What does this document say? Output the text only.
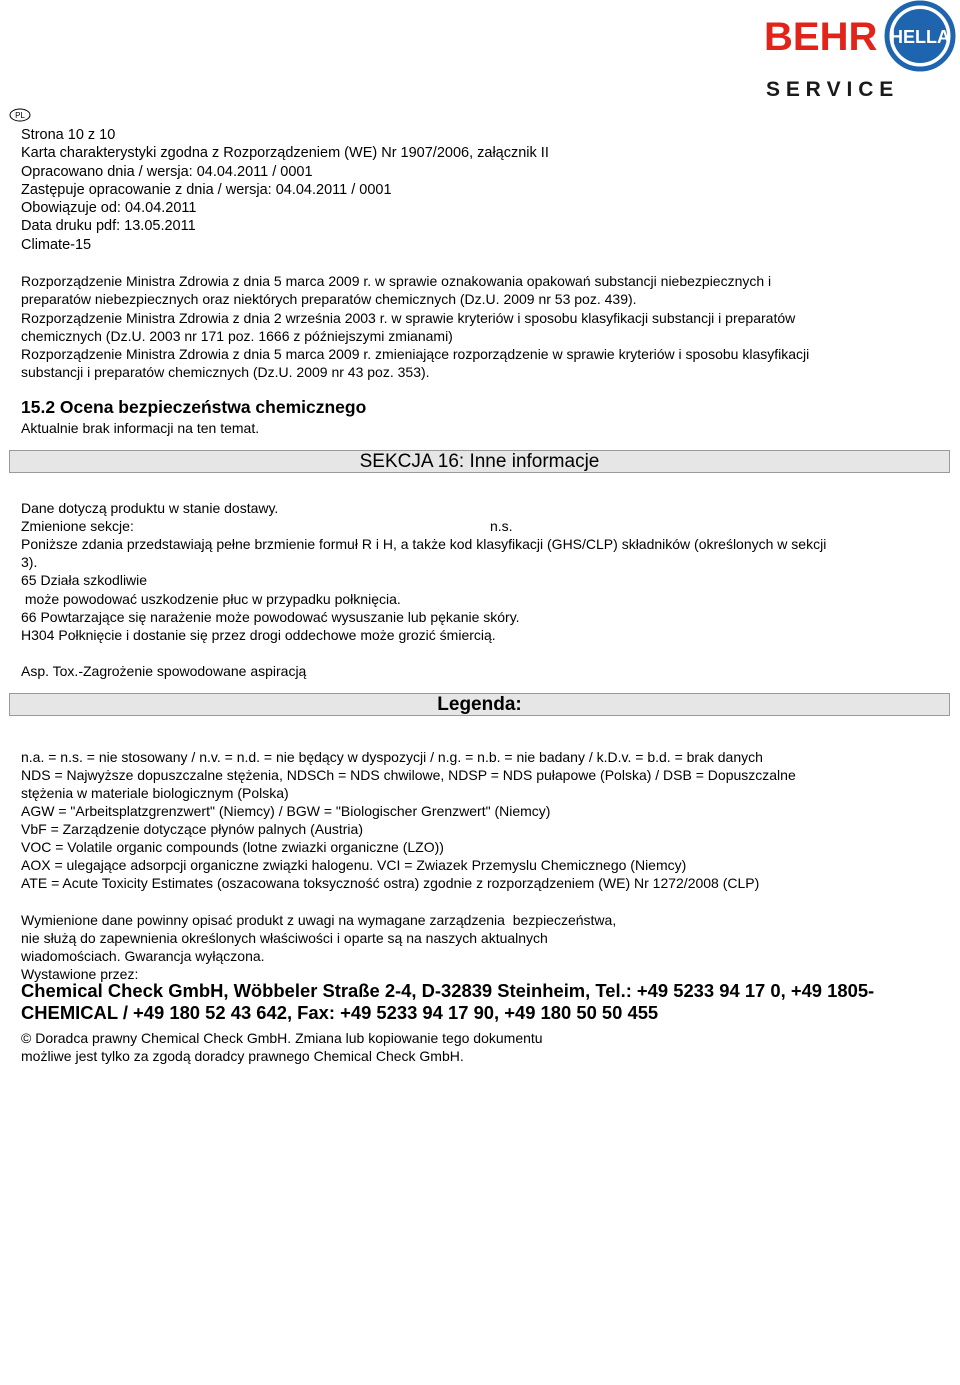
BEHR HELLA
S E R V I C E
PL
Strona 10 z 10
Karta charakterystyki zgodna z Rozporządzeniem (WE) Nr 1907/2006, załącznik II
Opracowano dnia / wersja: 04.04.2011 / 0001
Zastępuje opracowanie z dnia / wersja: 04.04.2011 / 0001
Obowiązuje od: 04.04.2011
Data druku pdf: 13.05.2011
Climate-15

Rozporządzenie Ministra Zdrowia z dnia 5 marca 2009 r. w sprawie oznakowania opakowań substancji niebezpiecznych i

preparatów niebezpiecznych oraz niektórych preparatów chemicznych (Dz.U. 2009 nr 53 poz. 439).

Rozporządzenie Ministra Zdrowia z dnia 2 września 2003 r. w sprawie kryteriów i sposobu klasyfikacji substancji i preparatów

chemicznych (Dz.U. 2003 nr 171 poz. 1666 z późniejszymi zmianami)

Rozporządzenie Ministra Zdrowia z dnia 5 marca 2009 r. zmieniające rozporządzenie w sprawie kryteriów i sposobu klasyfikacji

substancji i preparatów chemicznych (Dz.U. 2009 nr 43 poz. 353).

15.2 Ocena bezpieczeństwa chemicznego
Aktualnie brak informacji na ten temat.
SEKCJA 16: Inne informacje
Dane dotyczą produktu w stanie dostawy.
Zmienione sekcje:	n.s.
Poniższe zdania przedstawiają pełne brzmienie formuł R i H, a także kod klasyfikacji (GHS/CLP) składników (określonych w sekcji
3).
65 Działa szkodliwie
może powodować uszkodzenie płuc w przypadku połknięcia.
66 Powtarzające się narażenie może powodować wysuszanie lub pękanie skóry.
H304 Połknięcie i dostanie się przez drogi oddechowe może grozić śmiercią.
Asp. Tox.-Zagrożenie spowodowane aspiracją
Legenda:
n.a. = n.s. = nie stosowany / n.v. = n.d. = nie będący w dyspozycji / n.g. = n.b. = nie badany / k.D.v. = b.d. = brak danych
NDS = Najwyższe dopuszczalne stężenia, NDSCh = NDS chwilowe, NDSP = NDS pułapowe (Polska) / DSB = Dopuszczalne
stężenia w materiale biologicznym (Polska)
AGW = "Arbeitsplatzgrenzwert" (Niemcy) / BGW = "Biologischer Grenzwert" (Niemcy)
VbF = Zarządzenie dotyczące płynów palnych (Austria)
VOC = Volatile organic compounds (lotne zwiazki organiczne (LZO))
AOX = ulegające adsorpcji organiczne związki halogenu. VCI = Zwiazek Przemyslu Chemicznego (Niemcy)
ATE = Acute Toxicity Estimates (oszacowana toksyczność ostra) zgodnie z rozporządzeniem (WE) Nr 1272/2008 (CLP)
Wymienione dane powinny opisać produkt z uwagi na wymagane zarządzenia  bezpieczeństwa,
nie służą do zapewnienia określonych właściwości i oparte są na naszych aktualnych
wiadomościach. Gwarancja wyłączona.
Wystawione przez:
Chemical Check GmbH, Wöbbeler Straße 2-4, D-32839 Steinheim, Tel.: +49 5233 94 17 0, +49 1805-
CHEMICAL / +49 180 52 43 642, Fax: +49 5233 94 17 90, +49 180 50 50 455
© Doradca prawny Chemical Check GmbH. Zmiana lub kopiowanie tego dokumentu
możliwe jest tylko za zgodą doradcy prawnego Chemical Check GmbH.
